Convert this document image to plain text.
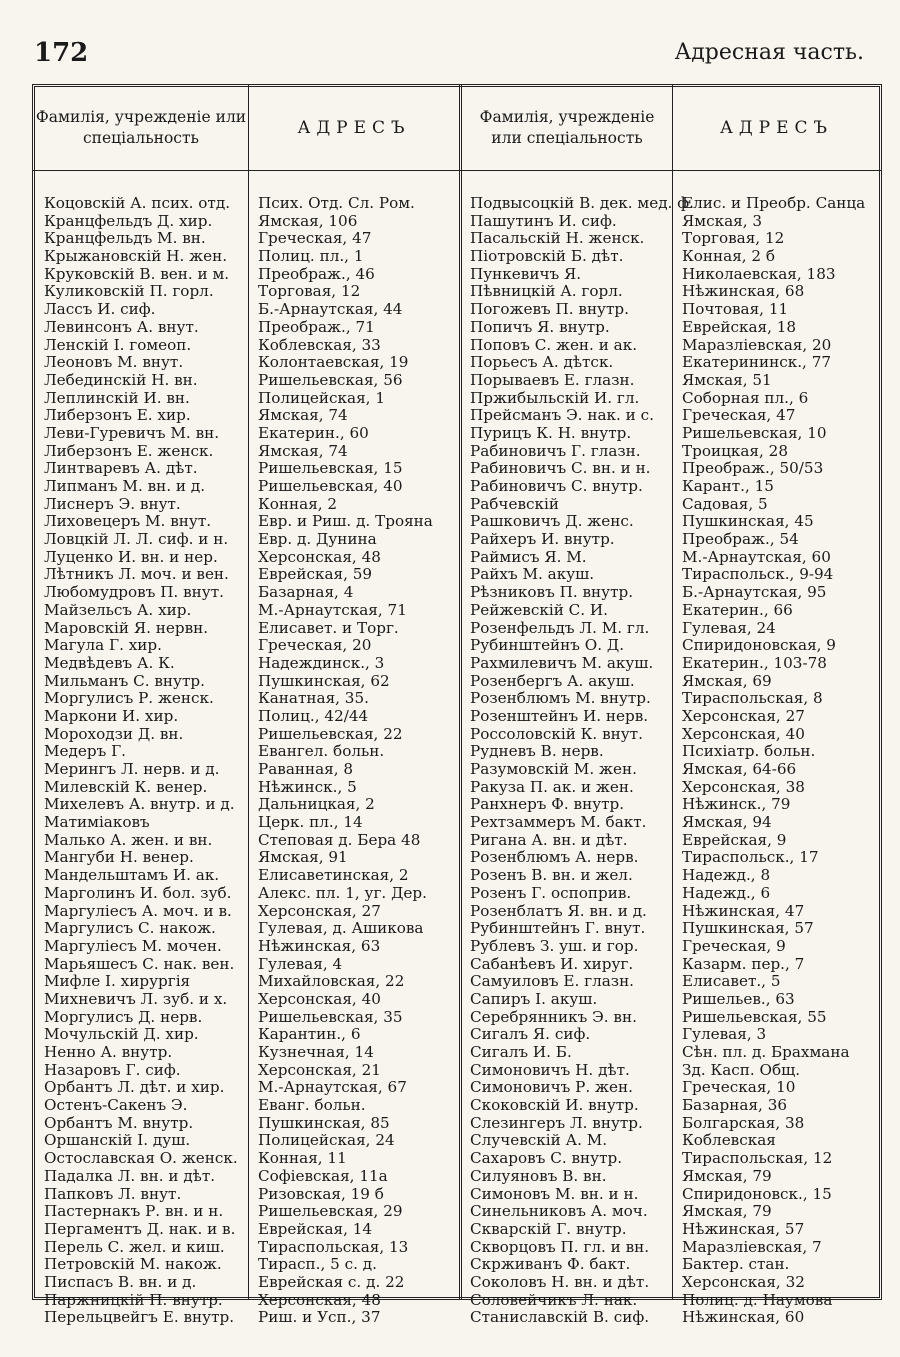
172	Адресная часть.
Фамилія, учрежденіе или спеціальность
АДРЕСЪ
Фамилія, учрежденіе или спеціальность
АДРЕСЪ
Коцовскій А. псих. отд.
Кранцфельдъ Д. хир.
Кранцфельдъ М. вн.
Крыжановскій Н. жен.
Круковскій В. вен. и м.
Куликовскій П. горл.
Лассъ И. сиф.
Левинсонъ А. внут.
Ленскій І. гомеоп.
Леоновъ М. внут.
Лебединскій Н. вн.
Леплинскій И. вн.
Либерзонъ Е. хир.
Леви-Гуревичъ М. вн.
Либерзонъ Е. женск.
Линтваревъ А. дѣт.
Липманъ М. вн. и д.
Лиснеръ Э. внут.
Лиховецеръ М. внут.
Ловцкій Л. Л. сиф. и н.
Луценко И. вн. и нер.
Лѣтникъ Л. моч. и вен.
Любомудровъ П. внут.
Майзельсъ А. хир.
Маровскій Я. нервн.
Магула Г. хир.
Медвѣдевъ А. К.
Мильманъ С. внутр.
Моргулисъ Р. женск.
Маркони И. хир.
Мороходзи Д. вн.
Медеръ Г.
Мерингъ Л. нерв. и д.
Милевскій К. венер.
Михелевъ А. внутр. и д.
Матиміаковъ
Малько А. жен. и вн.
Мангуби Н. венер.
Мандельштамъ И. ак.
Марголинъ И. бол. зуб.
Маргуліесъ А. моч. и в.
Маргулисъ С. накож.
Маргуліесъ М. мочен.
Марьяшесъ С. нак. вен.
Мифле І. хирургія
Михневичъ Л. зуб. и х.
Моргулисъ Д. нерв.
Мочульскій Д. хир.
Ненно А. внутр.
Назаровъ Г. сиф.
Орбантъ Л. дѣт. и хир.
Остенъ-Сакенъ Э.
Орбантъ М. внутр.
Оршанскій І. душ.
Остославская О. женск.
Падалка Л. вн. и дѣт.
Папковъ Л. внут.
Пастернакъ Р. вн. и н.
Пергаментъ Д. нак. и в.
Перель С. жел. и киш.
Петровскій М. накож.
Писпасъ В. вн. и д.
Паржницкій П. внутр.
Перельцвейгъ Е. внутр.
Псих. Отд. Сл. Ром.
Ямская, 106
Греческая, 47
Полиц. пл., 1
Преображ., 46
Торговая, 12
Б.-Арнаутская, 44
Преображ., 71
Коблевская, 33
Колонтаевская, 19
Ришельевская, 56
Полицейская, 1
Ямская, 74
Екатерин., 60
Ямская, 74
Ришельевская, 15
Ришельевская, 40
Конная, 2
Евр. и Риш. д. Трояна
Евр. д. Дунина
Херсонская, 48
Еврейская, 59
Базарная, 4
М.-Арнаутская, 71
Елисавет. и Торг.
Греческая, 20
Надеждинск., 3
Пушкинская, 62
Канатная, 35.
Полиц., 42/44
Ришельевская, 22
Евангел. больн.
Раванная, 8
Нѣжинск., 5
Дальницкая, 2
Церк. пл., 14
Степовая д. Бера 48
Ямская, 91
Елисаветинская, 2
Алекс. пл. 1, уг. Дер.
Херсонская, 27
Гулевая, д. Ашикова
Нѣжинская, 63
Гулевая, 4
Михайловская, 22
Херсонская, 40
Ришельевская, 35
Карантин., 6
Кузнечная, 14
Херсонская, 21
М.-Арнаутская, 67
Еванг. больн.
Пушкинская, 85
Полицейская, 24
Конная, 11
Софіевская, 11а
Ризовская, 19 б
Ришельевская, 29
Еврейская, 14
Тираспольская, 13
Тирасп., 5 с. д.
Еврейская с. д. 22
Херсонская, 48
Риш. и Усп., 37
Подвысоцкій В. дек. мед. ф.
Пашутинъ И. сиф.
Пасальскій Н. женск.
Піотровскій Б. дѣт.
Пункевичъ Я.
Пѣвницкій А. горл.
Погожевъ П. внутр.
Попичъ Я. внутр.
Поповъ С. жен. и ак.
Порьесъ А. дѣтск.
Порываевъ Е. глазн.
Пржибыльскій И. гл.
Прейсманъ Э. нак. и с.
Пурицъ К. Н. внутр.
Рабиновичъ Г. глазн.
Рабиновичъ С. вн. и н.
Рабиновичъ С. внутр.
Рабчевскій
Рашковичъ Д. женс.
Райхеръ И. внутр.
Раймисъ Я. М.
Райхъ М. акуш.
Рѣзниковъ П. внутр.
Рейжевскій С. И.
Розенфельдъ Л. М. гл.
Рубинштейнъ О. Д.
Рахмилевичъ М. акуш.
Розенбергъ А. акуш.
Розенблюмъ М. внутр.
Розенштейнъ И. нерв.
Россоловскій К. внут.
Рудневъ В. нерв.
Разумовскій М. жен.
Ракуза П. ак. и жен.
Ранхнеръ Ф. внутр.
Рехтзаммеръ М. бакт.
Ригана А. вн. и дѣт.
Розенблюмъ А. нерв.
Розенъ В. вн. и жел.
Розенъ Г. оспоприв.
Розенблатъ Я. вн. и д.
Рубинштейнъ Г. внут.
Рублевъ З. уш. и гор.
Сабанѣевъ И. хируг.
Самуиловъ Е. глазн.
Сапиръ І. акуш.
Серебрянникъ Э. вн.
Сигалъ Я. сиф.
Сигалъ И. Б.
Симоновичъ Н. дѣт.
Симоновичъ Р. жен.
Скоковскій И. внутр.
Слезингеръ Л. внутр.
Случевскій А. М.
Сахаровъ С. внутр.
Силуяновъ В. вн.
Симоновъ М. вн. и н.
Синельниковъ А. моч.
Скварскій Г. внутр.
Скворцовъ П. гл. и вн.
Скрживанъ Ф. бакт.
Соколовъ Н. вн. и дѣт.
Соловейчикъ Л. нак.
Станиславскій В. сиф.
Елис. и Преобр. Санца
Ямская, 3
Торговая, 12
Конная, 2 б
Николаевская, 183
Нѣжинская, 68
Почтовая, 11
Еврейская, 18
Маразліевская, 20
Екатерининск., 77
Ямская, 51
Соборная пл., 6
Греческая, 47
Ришельевская, 10
Троицкая, 28
Преображ., 50/53
Карант., 15
Садовая, 5
Пушкинская, 45
Преображ., 54
М.-Арнаутская, 60
Тираспольск., 9-94
Б.-Арнаутская, 95
Екатерин., 66
Гулевая, 24
Спиридоновская, 9
Екатерин., 103-78
Ямская, 69
Тираспольская, 8
Херсонская, 27
Херсонская, 40
Психіатр. больн.
Ямская, 64-66
Херсонская, 38
Нѣжинск., 79
Ямская, 94
Еврейская, 9
Тираспольск., 17
Надежд., 8
Надежд., 6
Нѣжинская, 47
Пушкинская, 57
Греческая, 9
Казарм. пер., 7
Елисавет., 5
Ришельев., 63
Ришельевская, 55
Гулевая, 3
Сѣн. пл. д. Брахмана
Зд. Касп. Общ.
Греческая, 10
Базарная, 36
Болгарская, 38
Коблевская
Тираспольская, 12
Ямская, 79
Спиридоновск., 15
Ямская, 79
Нѣжинская, 57
Маразліевская, 7
Бактер. стан.
Херсонская, 32
Полиц. д. Наумова
Нѣжинская, 60
